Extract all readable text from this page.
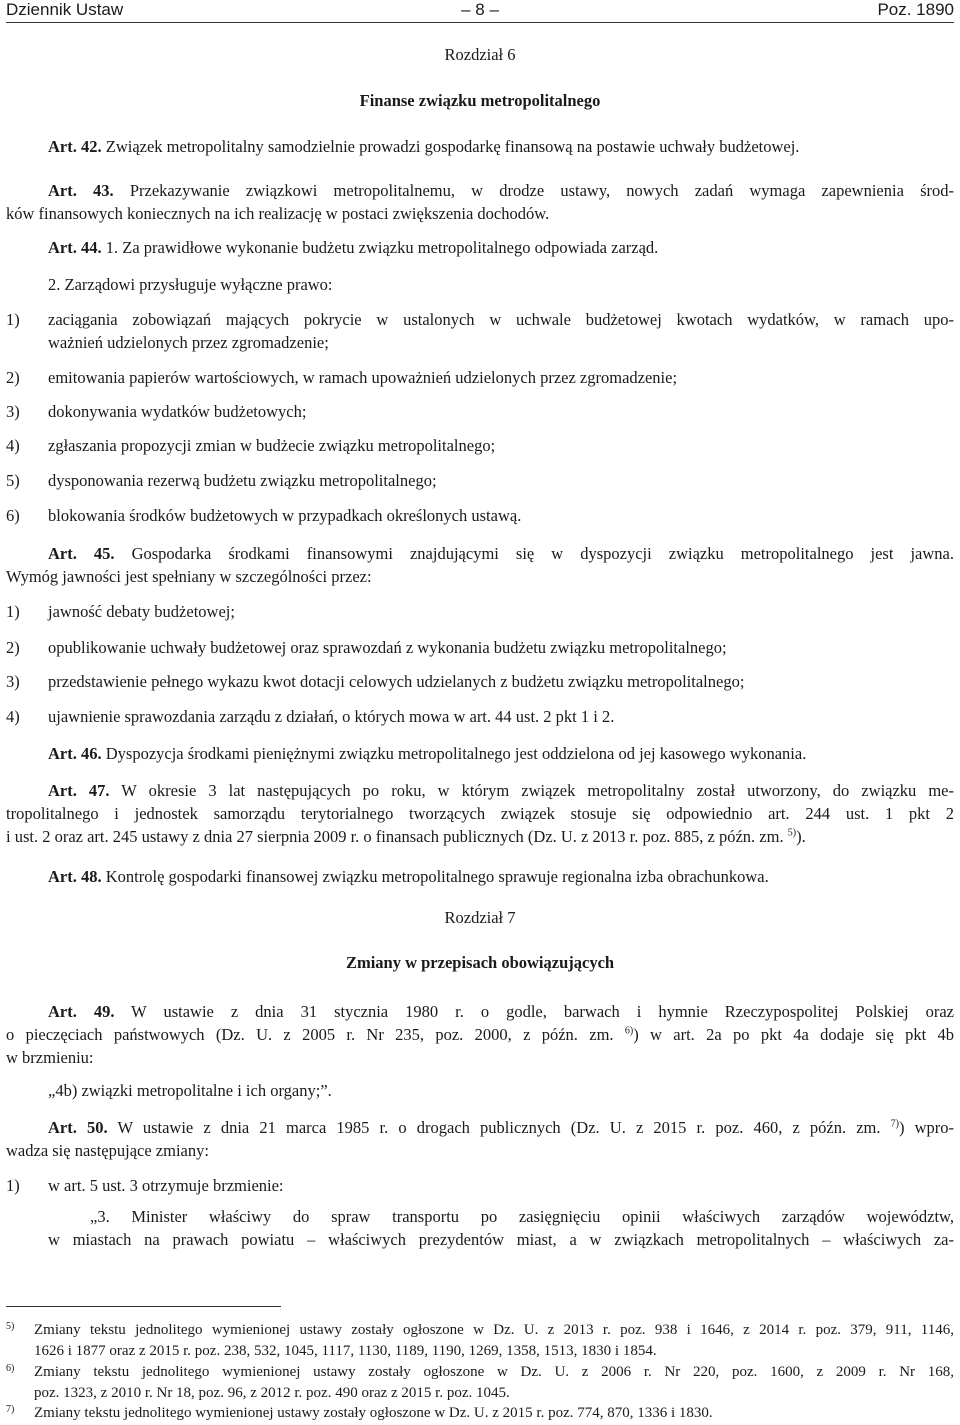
Dziennik Ustaw	– 8 –	Poz. 1890
Rozdział 6
Finanse związku metropolitalnego
Art. 42. Związek metropolitalny samodzielnie prowadzi gospodarkę finansową na postawie uchwały budżetowej.
Art. 43. Przekazywanie związkowi metropolitalnemu, w drodze ustawy, nowych zadań wymaga zapewnienia środ-
ków finansowych koniecznych na ich realizację w postaci zwiększenia dochodów.
Art. 44. 1. Za prawidłowe wykonanie budżetu związku metropolitalnego odpowiada zarząd.
2. Zarządowi przysługuje wyłączne prawo:
1) zaciągania zobowiązań mających pokrycie w ustalonych w uchwale budżetowej kwotach wydatków, w ramach upo-
ważnień udzielonych przez zgromadzenie;
2) emitowania papierów wartościowych, w ramach upoważnień udzielonych przez zgromadzenie;
3) dokonywania wydatków budżetowych;
4) zgłaszania propozycji zmian w budżecie związku metropolitalnego;
5) dysponowania rezerwą budżetu związku metropolitalnego;
6) blokowania środków budżetowych w przypadkach określonych ustawą.
Art. 45. Gospodarka środkami finansowymi znajdującymi się w dyspozycji związku metropolitalnego jest jawna.
Wymóg jawności jest spełniany w szczególności przez:
1) jawność debaty budżetowej;
2) opublikowanie uchwały budżetowej oraz sprawozdań z wykonania budżetu związku metropolitalnego;
3) przedstawienie pełnego wykazu kwot dotacji celowych udzielanych z budżetu związku metropolitalnego;
4) ujawnienie sprawozdania zarządu z działań, o których mowa w art. 44 ust. 2 pkt 1 i 2.
Art. 46. Dyspozycja środkami pieniężnymi związku metropolitalnego jest oddzielona od jej kasowego wykonania.
Art. 47. W okresie 3 lat następujących po roku, w którym związek metropolitalny został utworzony, do związku me-
tropolitalnego i jednostek samorządu terytorialnego tworzących związek stosuje się odpowiednio art. 244 ust. 1 pkt 2
i ust. 2 oraz art. 245 ustawy z dnia 27 sierpnia 2009 r. o finansach publicznych (Dz. U. z 2013 r. poz. 885, z późn. zm. $^{5)}$).
Art. 48. Kontrolę gospodarki finansowej związku metropolitalnego sprawuje regionalna izba obrachunkowa.
Rozdział 7
Zmiany w przepisach obowiązujących
Art. 49. W ustawie z dnia 31 stycznia 1980 r. o godle, barwach i hymnie Rzeczypospolitej Polskiej oraz
o pieczęciach państwowych (Dz. U. z 2005 r. Nr 235, poz. 2000, z późn. zm. $^{6)}$) w art. 2a po pkt 4a dodaje się pkt 4b
w brzmieniu:
„4b) związki metropolitalne i ich organy;”.
Art. 50. W ustawie z dnia 21 marca 1985 r. o drogach publicznych (Dz. U. z 2015 r. poz. 460, z późn. zm. $^{7)}$) wpro-
wadza się następujące zmiany:
1) w art. 5 ust. 3 otrzymuje brzmienie:
„3. Minister właściwy do spraw transportu po zasięgnięciu opinii właściwych zarządów województw,
w miastach na prawach powiatu – właściwych prezydentów miast, a w związkach metropolitalnych – właściwych za-
5) Zmiany tekstu jednolitego wymienionej ustawy zostały ogłoszone w Dz. U. z 2013 r. poz. 938 i 1646, z 2014 r. poz. 379, 911, 1146,
1626 i 1877 oraz z 2015 r. poz. 238, 532, 1045, 1117, 1130, 1189, 1190, 1269, 1358, 1513, 1830 i 1854.
6) Zmiany tekstu jednolitego wymienionej ustawy zostały ogłoszone w Dz. U. z 2006 r. Nr 220, poz. 1600, z 2009 r. Nr 168,
poz. 1323, z 2010 r. Nr 18, poz. 96, z 2012 r. poz. 490 oraz z 2015 r. poz. 1045.
7) Zmiany tekstu jednolitego wymienionej ustawy zostały ogłoszone w Dz. U. z 2015 r. poz. 774, 870, 1336 i 1830.
